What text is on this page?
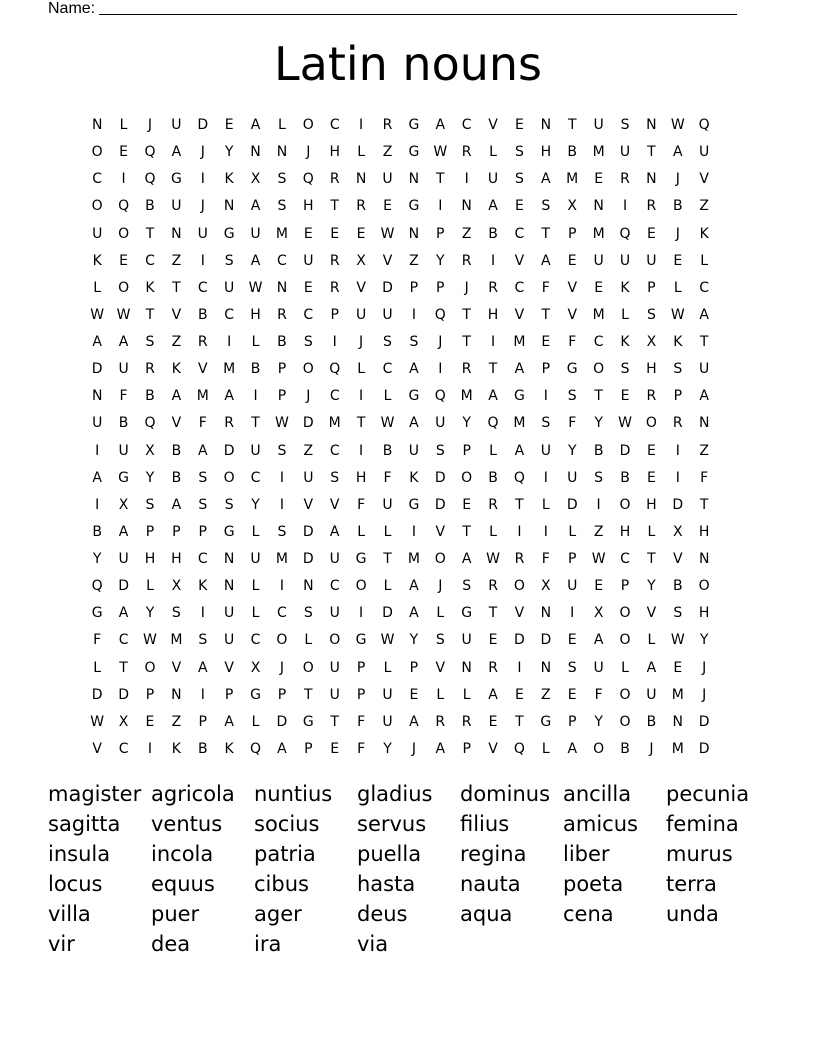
Name:
Latin nouns
N	L	J	U	D	E	A	L	O	C	I	R	G	A	C	V	E	N	T	U	S	N	W Q
O	E	Q	A	J	Y	N	N	J	H	L	Z	G	W	R	L	S	H	B	M	U	T	A	U
C	I	Q	G	I	K	X	S	Q	R	N	U	N	T	I	U	S	A	M	E	R	N	J	V
O	Q	B	U	J	N	A	S	H	T	R	E	G	I	N	A	E	S	X	N	I	R	B	Z
U	O	T	N	U	G	U	M	E	E	E	W	N	P	Z	B	C	T	P	M	Q	E	J	K
K	E	C	Z	I	S	A	C	U	R	X	V	Z	Y	R	I	V	A	E	U	U	U	E	L
L	O	K	T	C	U	W	N	E	R	V	D	P	P	J	R	C	F	V	E	K	P	L	C
W W	T	V	B	C	H	R	C	P	U	U	I	Q	T	H	V	T	V	M	L	S	W	A
A	A	S	Z	R	I	L	B	S	I	J	S	S	J	T	I	M	E	F	C	K	X	K	T
D	U	R	K	V	M	B	P	O	Q	L	C	A	I	R	T	A	P	G	O	S	H	S	U
N	F	B	A	M	A	I	P	J	C	I	L	G	Q	M	A	G	I	S	T	E	R	P	A
U	B	Q	V	F	R	T	W	D	M	T	W	A	U	Y	Q	M	S	F	Y	W O	R	N
I	U	X	B	A	D	U	S	Z	C	I	B	U	S	P	L	A	U	Y	B	D	E	I	Z
A	G	Y	B	S	O	C	I	U	S	H	F	K	D	O	B	Q	I	U	S	B	E	I	F
I	X	S	A	S	S	Y	I	V	V	F	U	G	D	E	R	T	L	D	I	O	H	D	T
B	A	P	P	P	G	L	S	D	A	L	L	I	V	T	L	I	I	L	Z	H	L	X	H
Y	U	H	H	C	N	U	M	D	U	G	T	M	O	A	W	R	F	P	W	C	T	V	N
Q	D	L	X	K	N	L	I	N	C	O	L	A	J	S	R	O	X	U	E	P	Y	B	O
G	A	Y	S	I	U	L	C	S	U	I	D	A	L	G	T	V	N	I	X	O	V	S	H
F	C	W M	S	U	C	O	L	O	G	W	Y	S	U	E	D	D	E	A	O	L	W	Y
L	T	O	V	A	V	X	J	O	U	P	L	P	V	N	R	I	N	S	U	L	A	E	J
D	D	P	N	I	P	G	P	T	U	P	U	E	L	L	A	E	Z	E	F	O	U	M	J
W	X	E	Z	P	A	L	D	G	T	F	U	A	R	R	E	T	G	P	Y	O	B	N	D
V	C	I	K	B	K	Q	A	P	E	F	Y	J	A	P	V	Q	L	A	O	B	J	M	D
magister agricola nuntius	gladius	dominus ancilla	pecunia
sagitta	ventus	socius	servus	filius	amicus	femina
insula	incola	patria	puella	regina	liber	murus
locus	equus	cibus	hasta	nauta	poeta	terra
villa	puer	ager	deus	aqua	cena	unda
vir	dea	ira	via
